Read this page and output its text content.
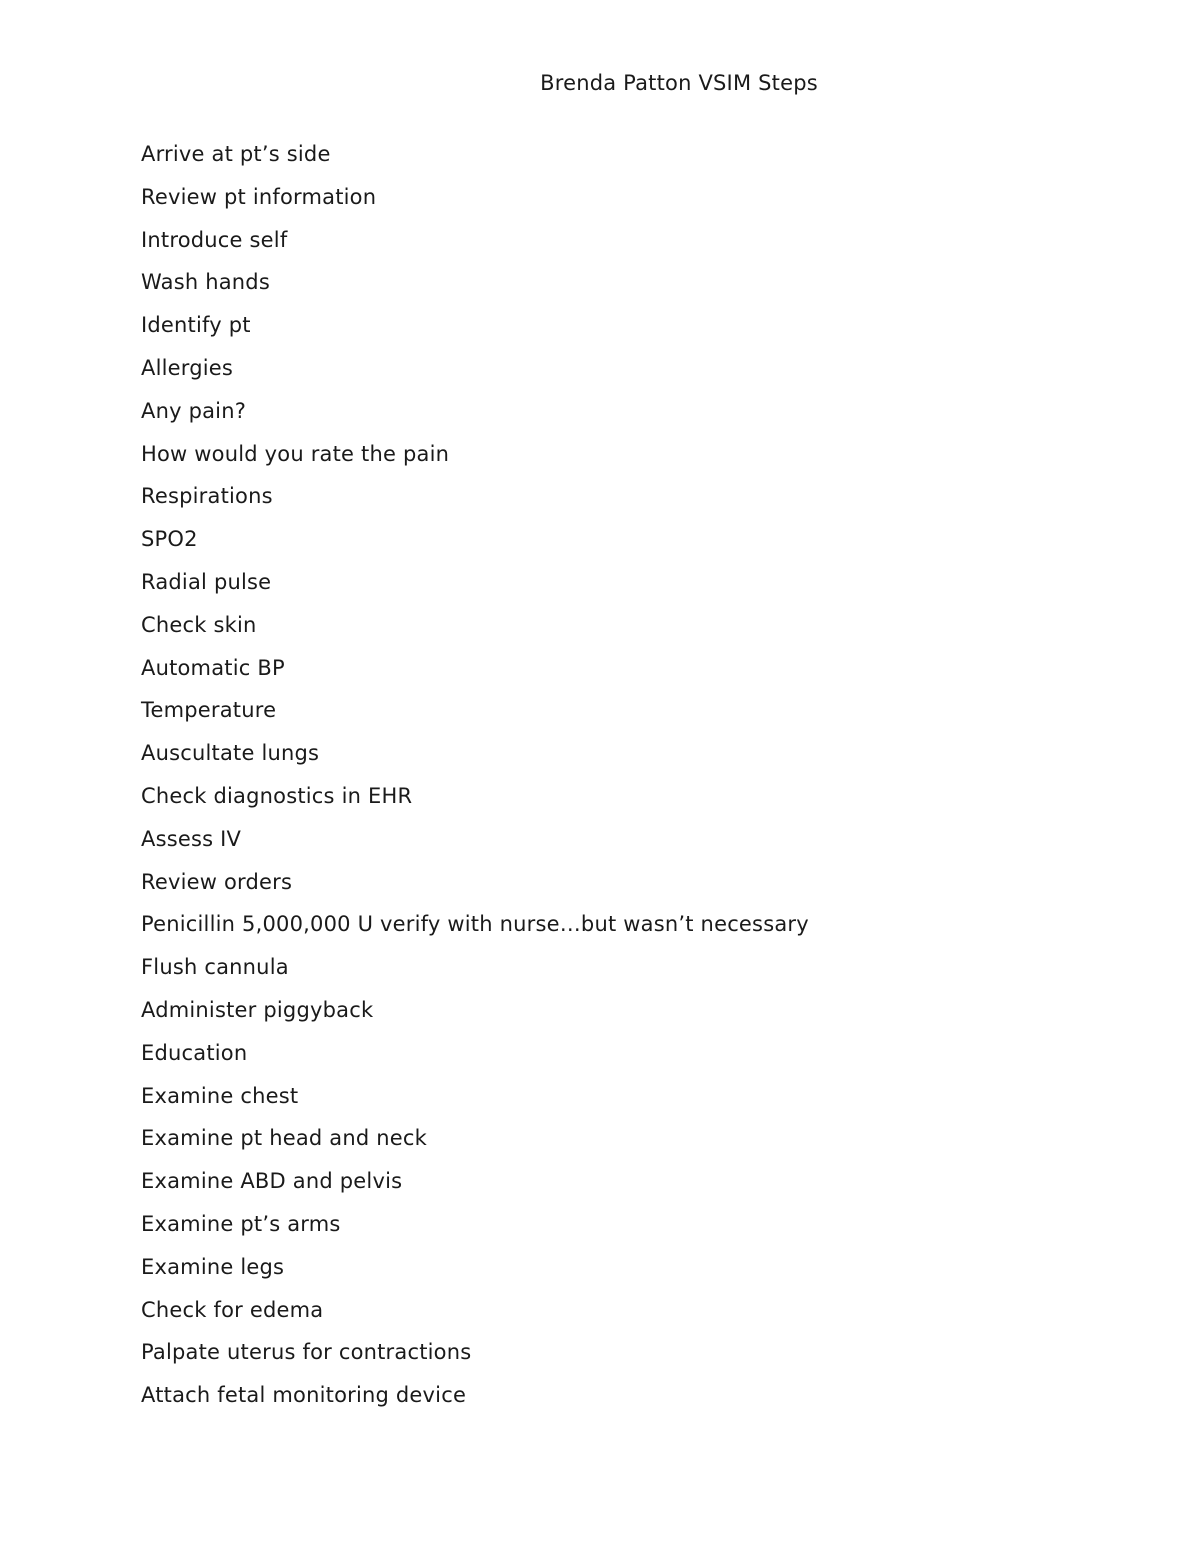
Brenda Patton VSIM Steps
Arrive at pt’s side
Review pt information
Introduce self
Wash hands
Identify pt
Allergies
Any pain?
How would you rate the pain
Respirations
SPO2
Radial pulse
Check skin
Automatic BP
Temperature
Auscultate lungs
Check diagnostics in EHR
Assess IV
Review orders
Penicillin 5,000,000 U verify with nurse…but wasn’t necessary
Flush cannula
Administer piggyback
Education
Examine chest
Examine pt head and neck
Examine ABD and pelvis
Examine pt’s arms
Examine legs
Check for edema
Palpate uterus for contractions
Attach fetal monitoring device
